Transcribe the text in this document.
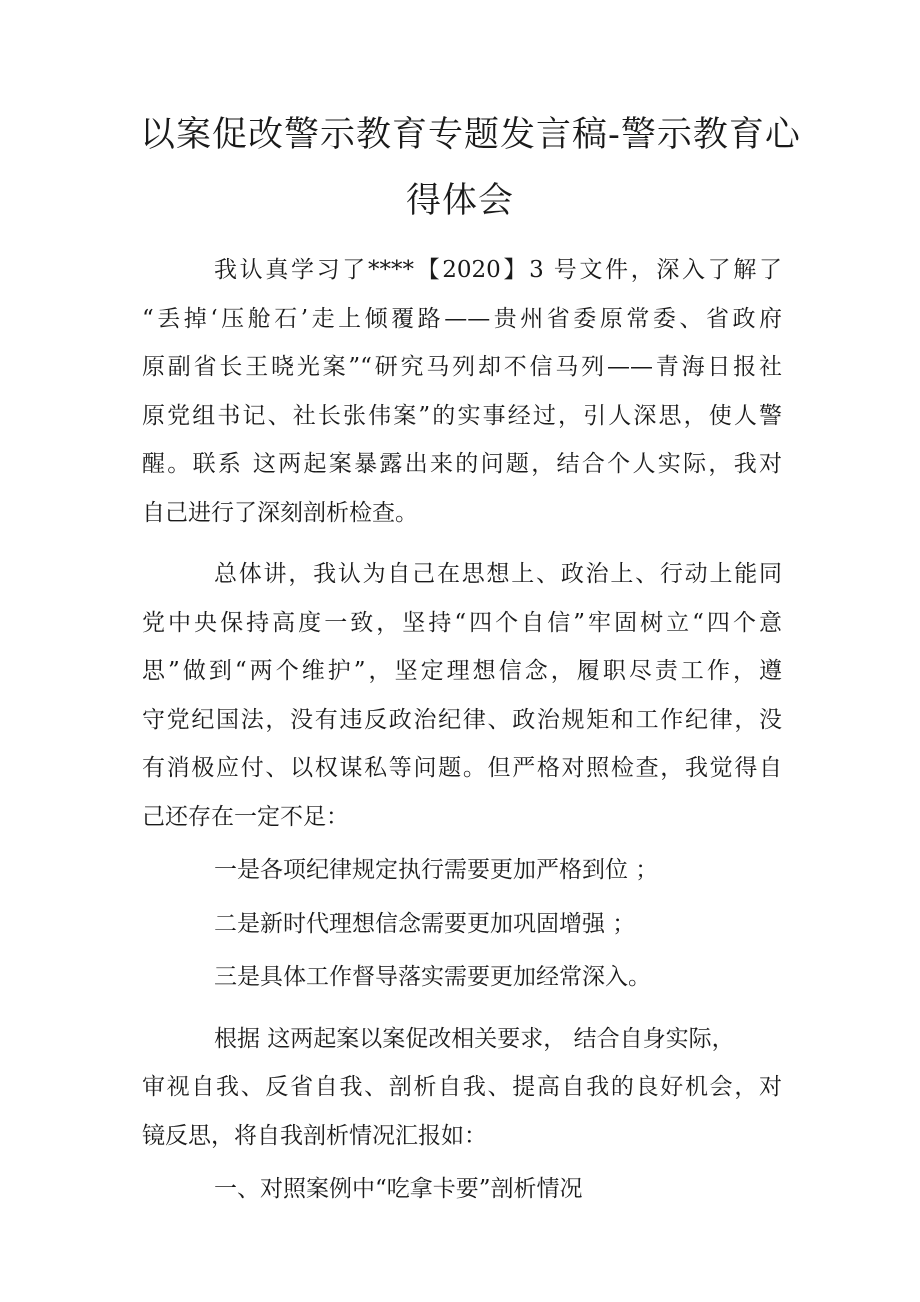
以案促改警示教育专题发言稿-警示教育心
得体会
我认真学习了****【2020】3 号文件，深入了解了
“丢掉‘压舱石’走上倾覆路——贵州省委原常委、省政府
原副省长王晓光案”“研究马列却不信马列——青海日报社
原党组书记、社长张伟案”的实事经过，引人深思，使人警
醒。联系 这两起案暴露出来的问题，结合个人实际，我对
自己进行了深刻剖析检查。
总体讲，我认为自己在思想上、政治上、行动上能同
党中央保持高度一致，坚持“四个自信”牢固树立“四个意
思”做到“两个维护”，坚定理想信念，履职尽责工作，遵
守党纪国法，没有违反政治纪律、政治规矩和工作纪律，没
有消极应付、以权谋私等问题。但严格对照检查，我觉得自
己还存在一定不足：
一是各项纪律规定执行需要更加严格到位 ；
二是新时代理想信念需要更加巩固增强 ；
三是具体工作督导落实需要更加经常深入。
根据 这两起案以案促改相关要求， 结合自身实际，
审视自我、反省自我、剖析自我、提高自我的良好机会，对
镜反思，将自我剖析情况汇报如：
一、对照案例中“吃拿卡要”剖析情况
